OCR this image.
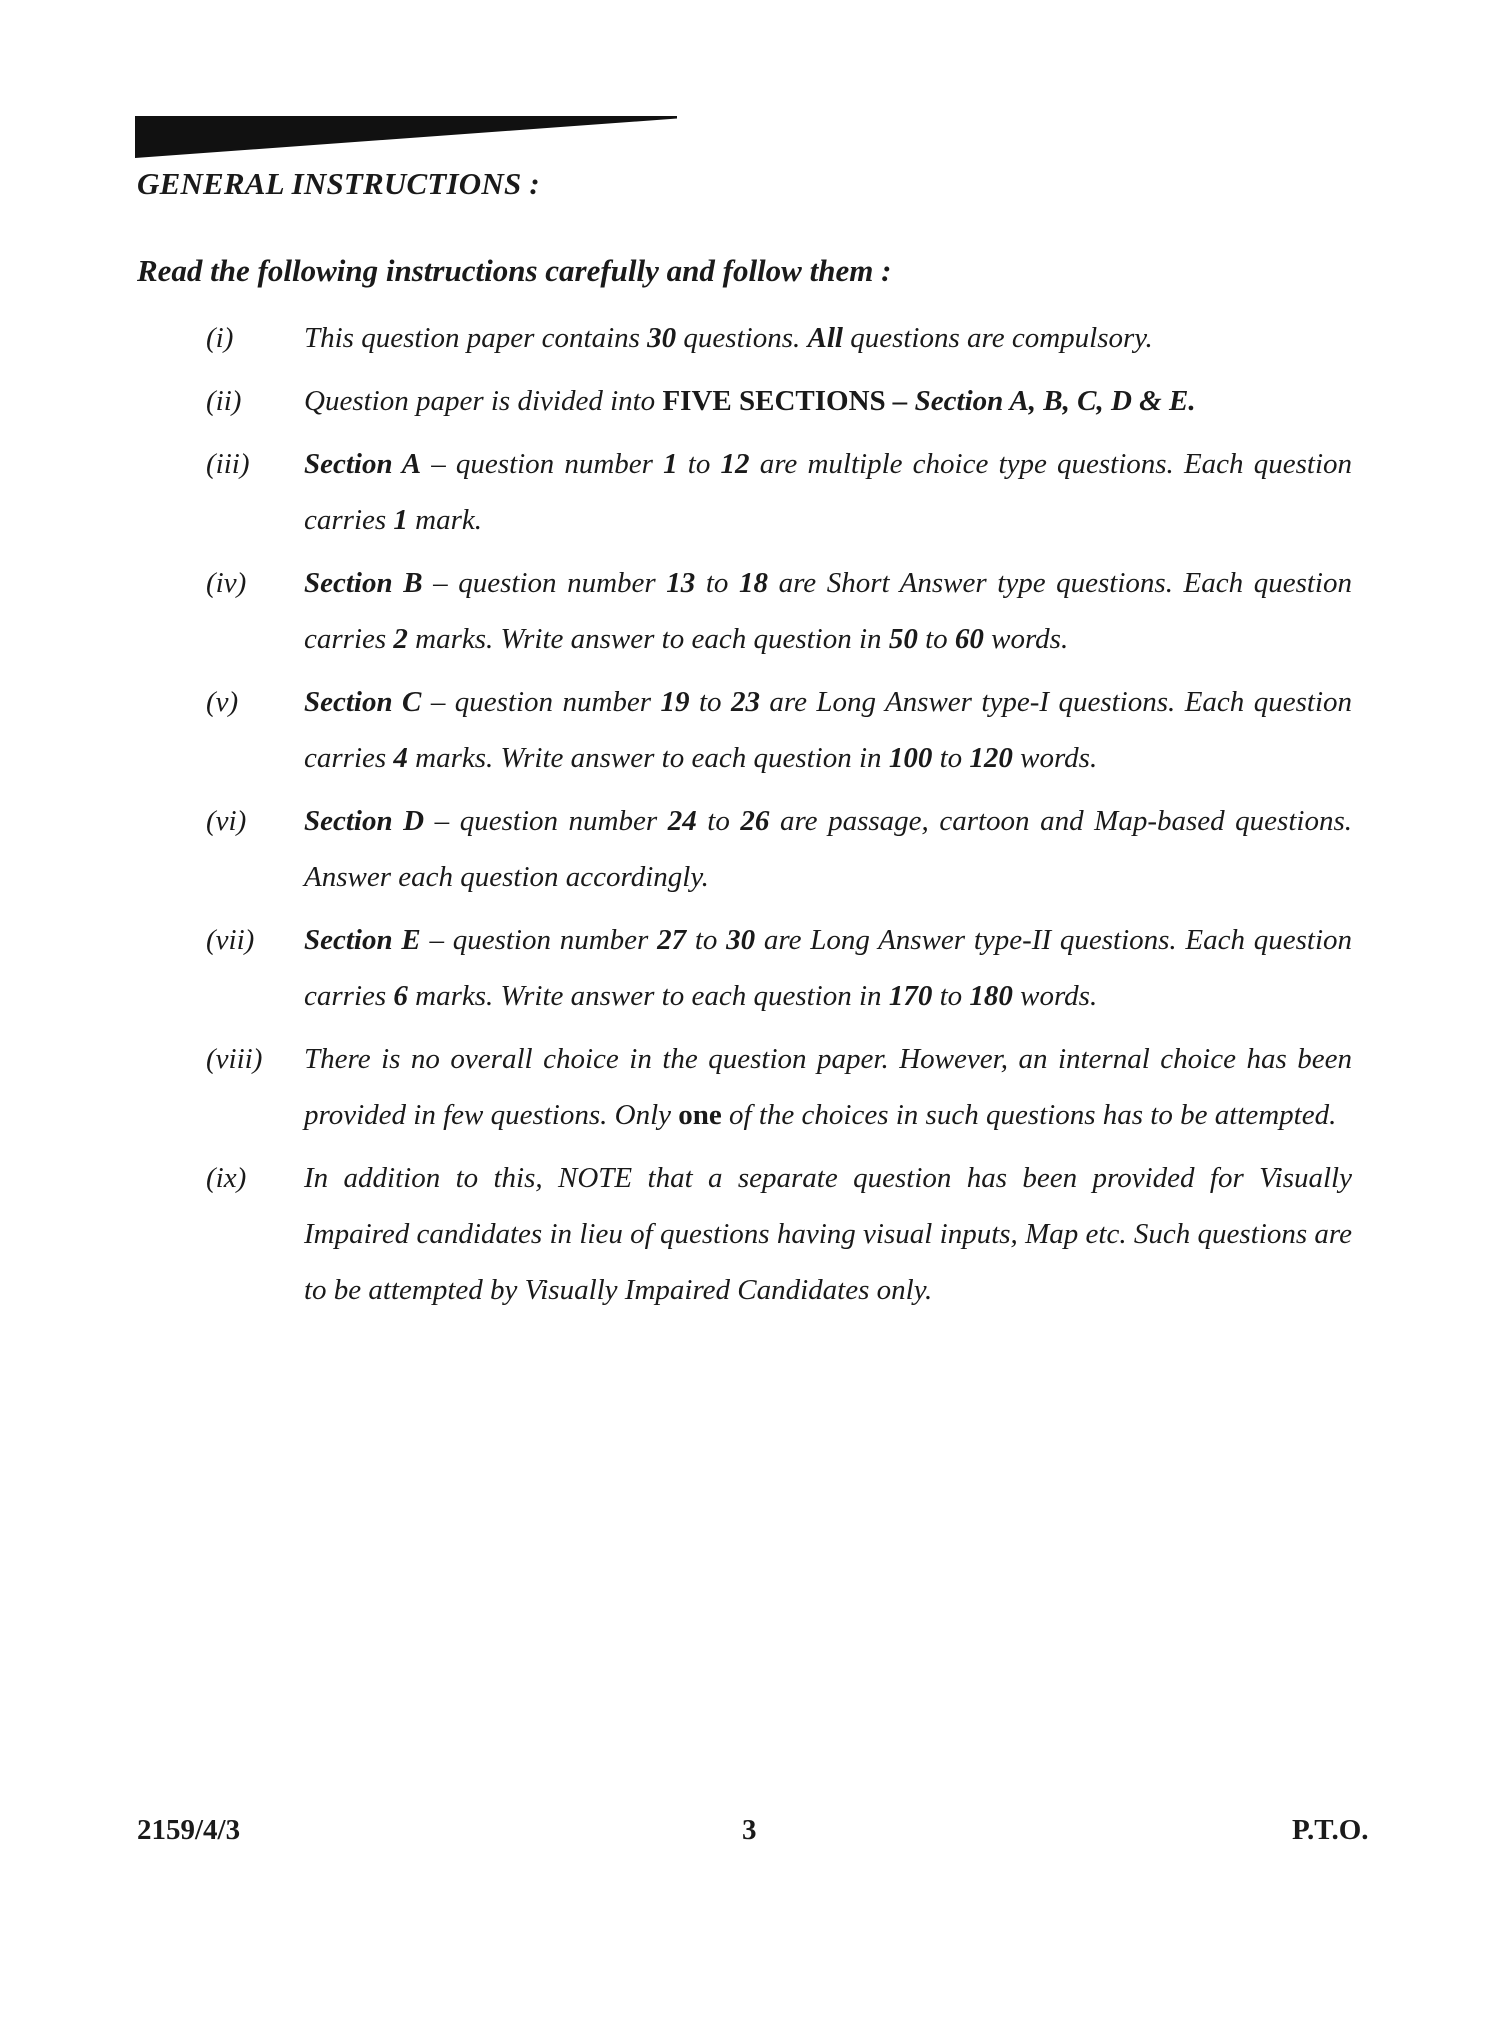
GENERAL INSTRUCTIONS :
Read the following instructions carefully and follow them :
(i)	This question paper contains 30 questions. All questions are compulsory.
(ii)	Question paper is divided into FIVE SECTIONS – Section A, B, C, D & E.
(iii)	Section A – question number 1 to 12 are multiple choice type questions. Each question carries 1 mark.
(iv)	Section B – question number 13 to 18 are Short Answer type questions. Each question carries 2 marks. Write answer to each question in 50 to 60 words.
(v)	Section C – question number 19 to 23 are Long Answer type-I questions. Each question carries 4 marks. Write answer to each question in 100 to 120 words.
(vi)	Section D – question number 24 to 26 are passage, cartoon and Map-based questions. Answer each question accordingly.
(vii)	Section E – question number 27 to 30 are Long Answer type-II questions. Each question carries 6 marks. Write answer to each question in 170 to 180 words.
(viii)	There is no overall choice in the question paper. However, an internal choice has been provided in few questions. Only one of the choices in such questions has to be attempted.
(ix)	In addition to this, NOTE that a separate question has been provided for Visually Impaired candidates in lieu of questions having visual inputs, Map etc. Such questions are to be attempted by Visually Impaired Candidates only.
2159/4/3	3	P.T.O.
